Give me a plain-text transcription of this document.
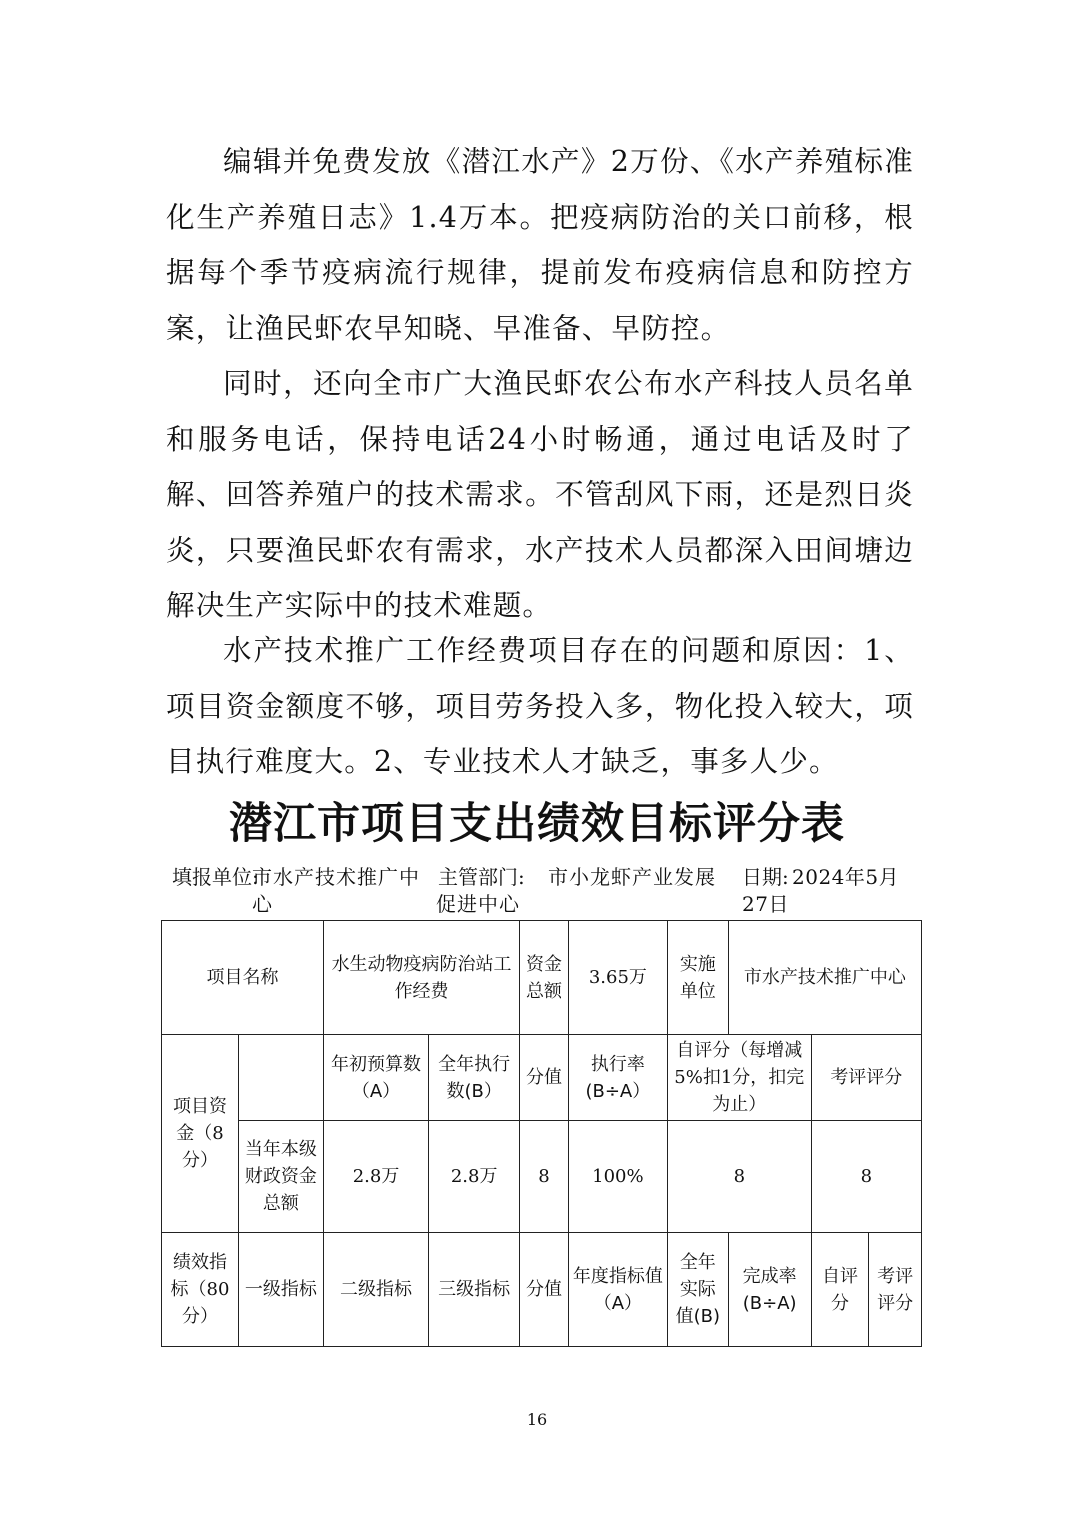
编辑并免费发放《潜江水产》2万份、《水产养殖标准化生产养殖日志》1.4万本。把疫病防治的关口前移，根据每个季节疫病流行规律，提前发布疫病信息和防控方案，让渔民虾农早知晓、早准备、早防控。

同时，还向全市广大渔民虾农公布水产科技人员名单和服务电话，保持电话24小时畅通，通过电话及时了解、回答养殖户的技术需求。不管刮风下雨，还是烈日炎炎，只要渔民虾农有需求，水产技术人员都深入田间塘边解决生产实际中的技术难题。

水产技术推广工作经费项目存在的问题和原因：1、项目资金额度不够，项目劳务投入多，物化投入较大，项目执行难度大。2、专业技术人才缺乏，事多人少。

潜江市项目支出绩效目标评分表
填报单位:
市水产技术推广中心
主管部门:	市小龙虾产业发展促进中心
日期: 2024年5月27日
项目名称		水生动物疫病防治站工作经费		资金总额	3.65万	实施单位	市水产技术推广中心		
项目资金（8分）		年初预算数（A）	全年执行数(B）	分值	执行率(B÷A）	自评分（每增减5%扣1分，扣完为止）		考评评分	
	当年本级财政资金总额	2.8万	2.8万	8	100%	8		8	
绩效指标（80分）	一级指标	二级指标	三级指标	分值	年度指标值（A）	全年实际值(B)	完成率(B÷A)	自评分	考评评分
16
